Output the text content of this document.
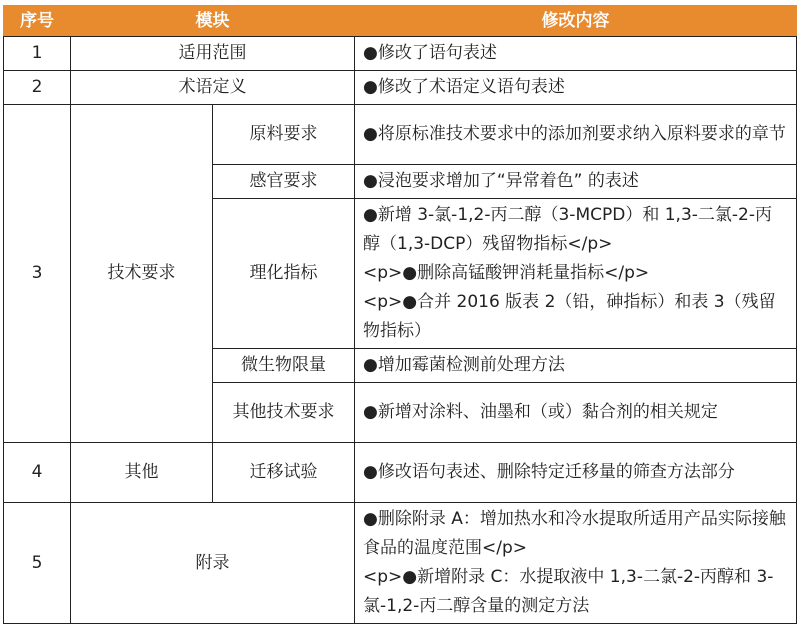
序号	模块		修改内容
1	适用范围		●修改了语句表述

2	术语定义		●修改了术语定义语句表述

3	技术要求	原料要求	●将原标准技术要求中的添加剂要求纳入原料要求的章节

		感官要求	●浸泡要求增加了“异常着色” 的表述

		理化指标	●新增 3-氯-1,2-丙二醇（3-MCPD）和 1,3-二氯-2-丙醇（1,3-DCP）残留物指标</p>
<p>●删除高锰酸钾消耗量指标</p>
<p>●合并 2016 版表 2（铅，砷指标）和表 3（残留物指标）

		微生物限量	●增加霉菌检测前处理方法

		其他技术要求	●新增对涂料、油墨和（或）黏合剂的相关规定

4	其他	迁移试验	●修改语句表述、删除特定迁移量的筛查方法部分

5	附录		●删除附录 A：增加热水和冷水提取所适用产品实际接触食品的温度范围</p>
<p>●新增附录 C：水提取液中 1,3-二氯-2-丙醇和 3-氯-1,2-丙二醇含量的测定方法
